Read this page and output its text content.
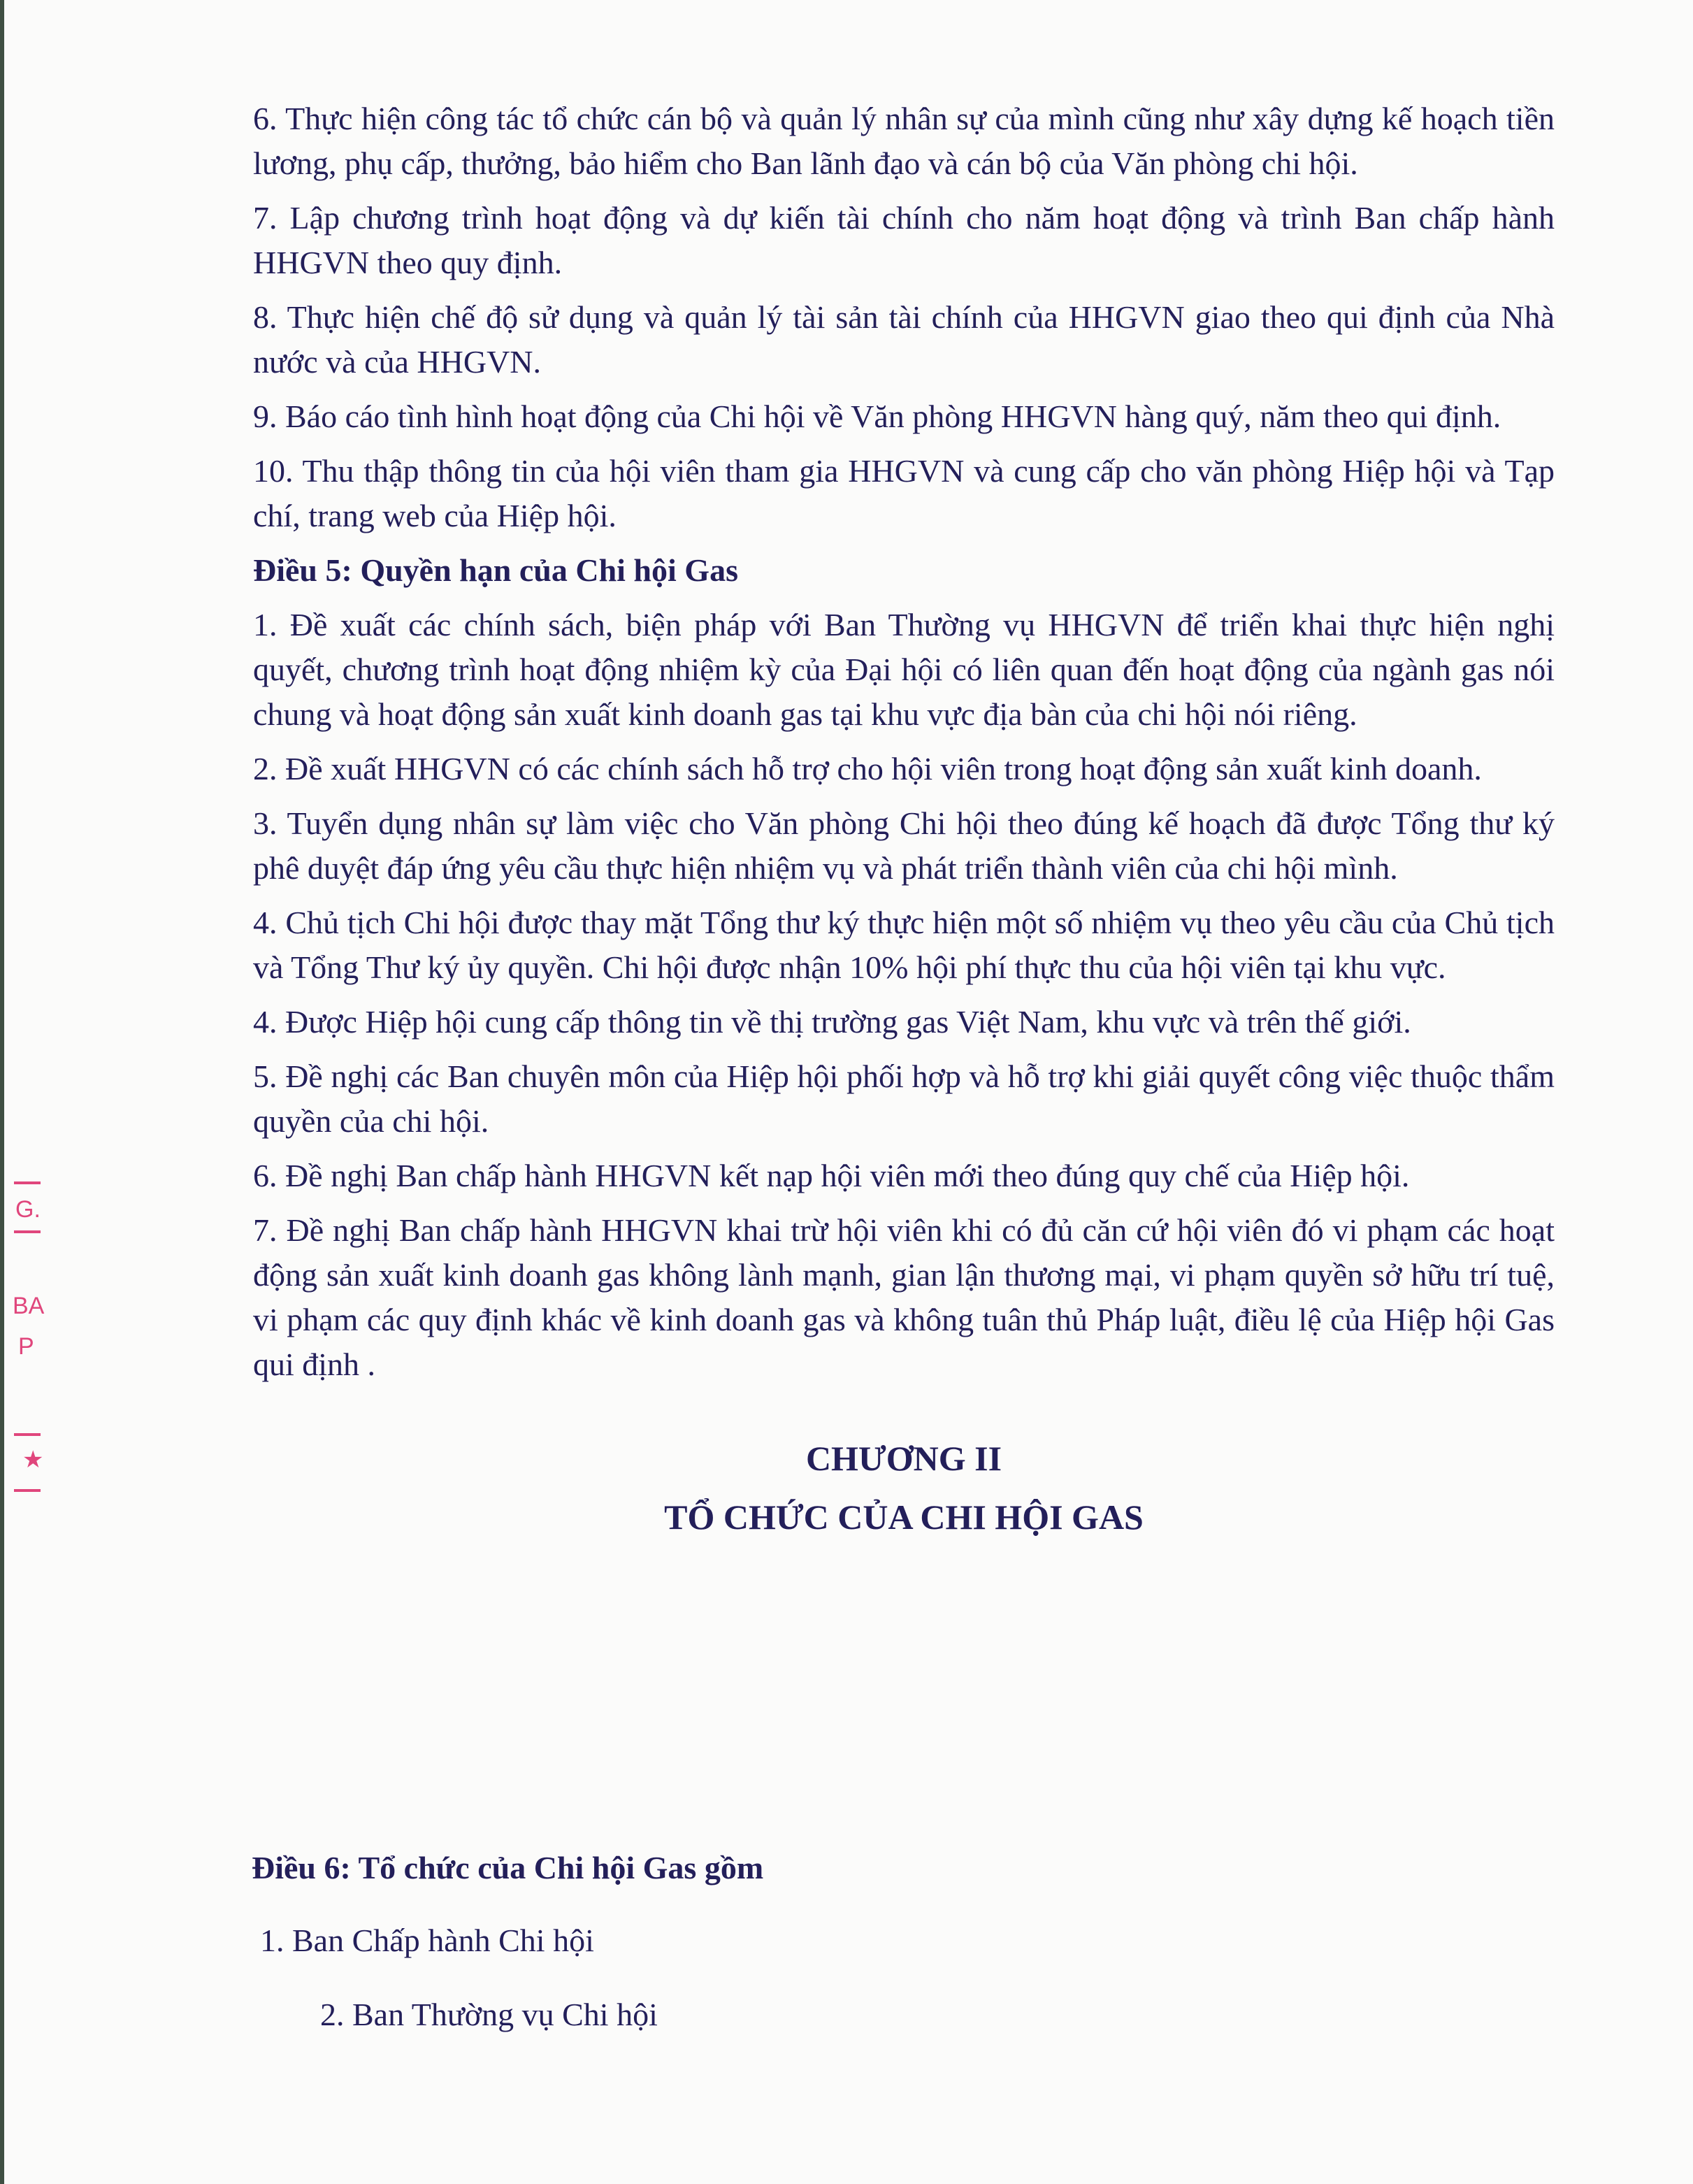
6. Thực hiện công tác tổ chức cán bộ và quản lý nhân sự của mình cũng như xây dựng kế hoạch tiền lương, phụ cấp, thưởng, bảo hiểm cho Ban lãnh đạo và cán bộ của Văn phòng chi hội.

7. Lập chương trình hoạt động và dự kiến tài chính cho năm hoạt động và trình Ban chấp hành HHGVN theo quy định.

8. Thực hiện chế độ sử dụng và quản lý tài sản tài chính của HHGVN giao theo qui định của Nhà nước và của HHGVN.

9. Báo cáo tình hình hoạt động của Chi hội về Văn phòng HHGVN hàng quý, năm theo qui định.

10. Thu thập thông tin của hội viên tham gia HHGVN và cung cấp cho văn phòng Hiệp hội và Tạp chí, trang web của Hiệp hội.

Điều 5: Quyền hạn của Chi hội Gas

1. Đề xuất các chính sách, biện pháp với Ban Thường vụ HHGVN để triển khai thực hiện nghị quyết, chương trình hoạt động nhiệm kỳ của Đại hội có liên quan đến hoạt động của ngành gas nói chung và hoạt động sản xuất kinh doanh gas tại khu vực địa bàn của chi hội nói riêng.

2. Đề xuất HHGVN có các chính sách hỗ trợ cho hội viên trong hoạt động sản xuất kinh doanh.

3. Tuyển dụng nhân sự làm việc cho Văn phòng Chi hội theo đúng kế hoạch đã được Tổng thư ký phê duyệt đáp ứng yêu cầu thực hiện nhiệm vụ và phát triển thành viên của chi hội mình.

4. Chủ tịch Chi hội được thay mặt Tổng thư ký thực hiện một số nhiệm vụ theo yêu cầu của Chủ tịch và Tổng Thư ký ủy quyền. Chi hội được nhận 10% hội phí thực thu của hội viên tại khu vực.

4. Được Hiệp hội cung cấp thông tin về thị trường gas Việt Nam, khu vực và trên thế giới.

5. Đề nghị các Ban chuyên môn của Hiệp hội phối hợp và hỗ trợ khi giải quyết công việc thuộc thẩm quyền của chi hội.

6. Đề nghị Ban chấp hành HHGVN kết nạp hội viên mới theo đúng quy chế của Hiệp hội.

7. Đề nghị Ban chấp hành HHGVN khai trừ hội viên khi có đủ căn cứ hội viên đó vi phạm các hoạt động sản xuất kinh doanh gas không lành mạnh, gian lận thương mại, vi phạm quyền sở hữu trí tuệ, vi phạm các quy định khác về kinh doanh gas và không tuân thủ Pháp luật, điều lệ của Hiệp hội Gas qui định .

CHƯƠNG II
TỔ CHỨC CỦA CHI HỘI GAS

Điều 6: Tổ chức của Chi hội Gas gồm

1. Ban Chấp hành Chi hội

2. Ban Thường vụ Chi hội

G.
BA
P
★
